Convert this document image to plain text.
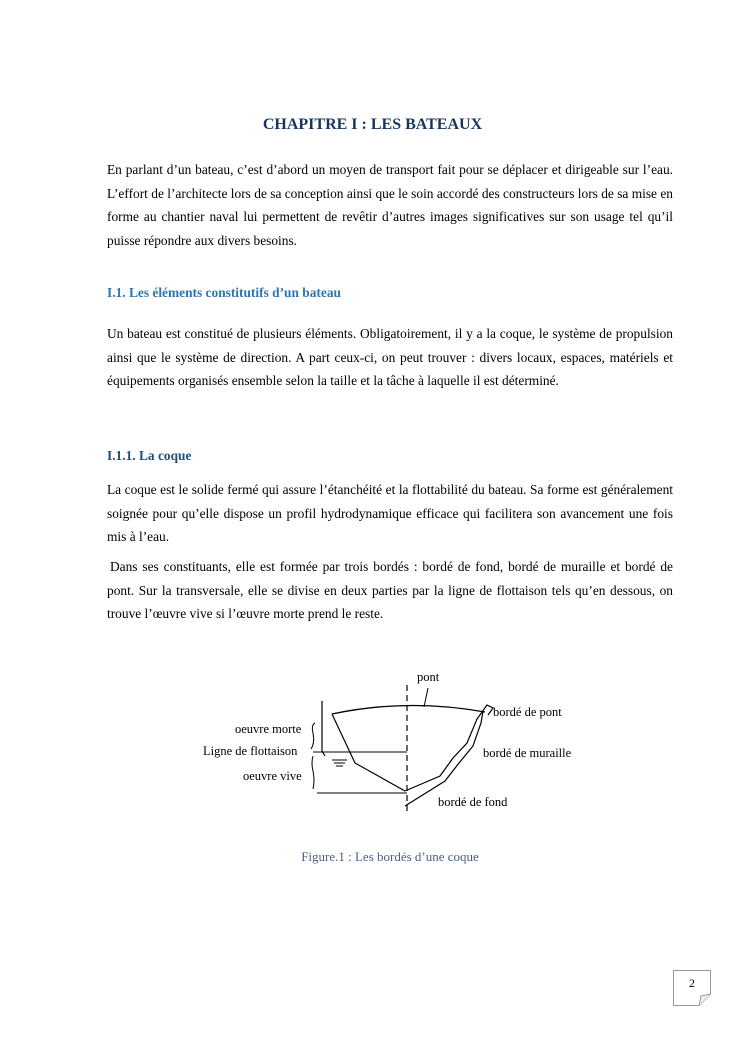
CHAPITRE I : LES BATEAUX

En parlant d’un bateau, c’est d’abord un moyen de transport fait pour se déplacer et dirigeable sur l’eau. L’effort de l’architecte lors de sa conception ainsi que le soin accordé des constructeurs lors de sa mise en forme au chantier naval lui permettent de revêtir d’autres images significatives sur son usage tel qu’il puisse répondre aux divers besoins.

I.1. Les éléments constitutifs d’un bateau

Un bateau est constitué de plusieurs éléments. Obligatoirement, il y a la coque, le système de propulsion ainsi que le système de direction. A part ceux-ci, on peut trouver : divers locaux, espaces, matériels et équipements organisés ensemble selon la taille et la tâche à laquelle il est déterminé.

I.1.1. La coque

La coque est le solide fermé qui assure l’étanchéité et la flottabilité du bateau. Sa forme est généralement soignée pour qu’elle dispose un profil hydrodynamique efficace qui facilitera son avancement une fois mis à l’eau.

Dans ses constituants, elle est formée par trois bordés : bordé de fond, bordé de muraille et bordé de pont. Sur la transversale, elle se divise en deux parties par la ligne de flottaison tels qu’en dessous, on trouve l’œuvre vive si l’œuvre morte prend le reste.

pont
bordé de pont
oeuvre morte
Ligne de flottaison	bordé de muraille
oeuvre vive
bordé de fond
Figure.1 : Les bordés d’une coque
2
